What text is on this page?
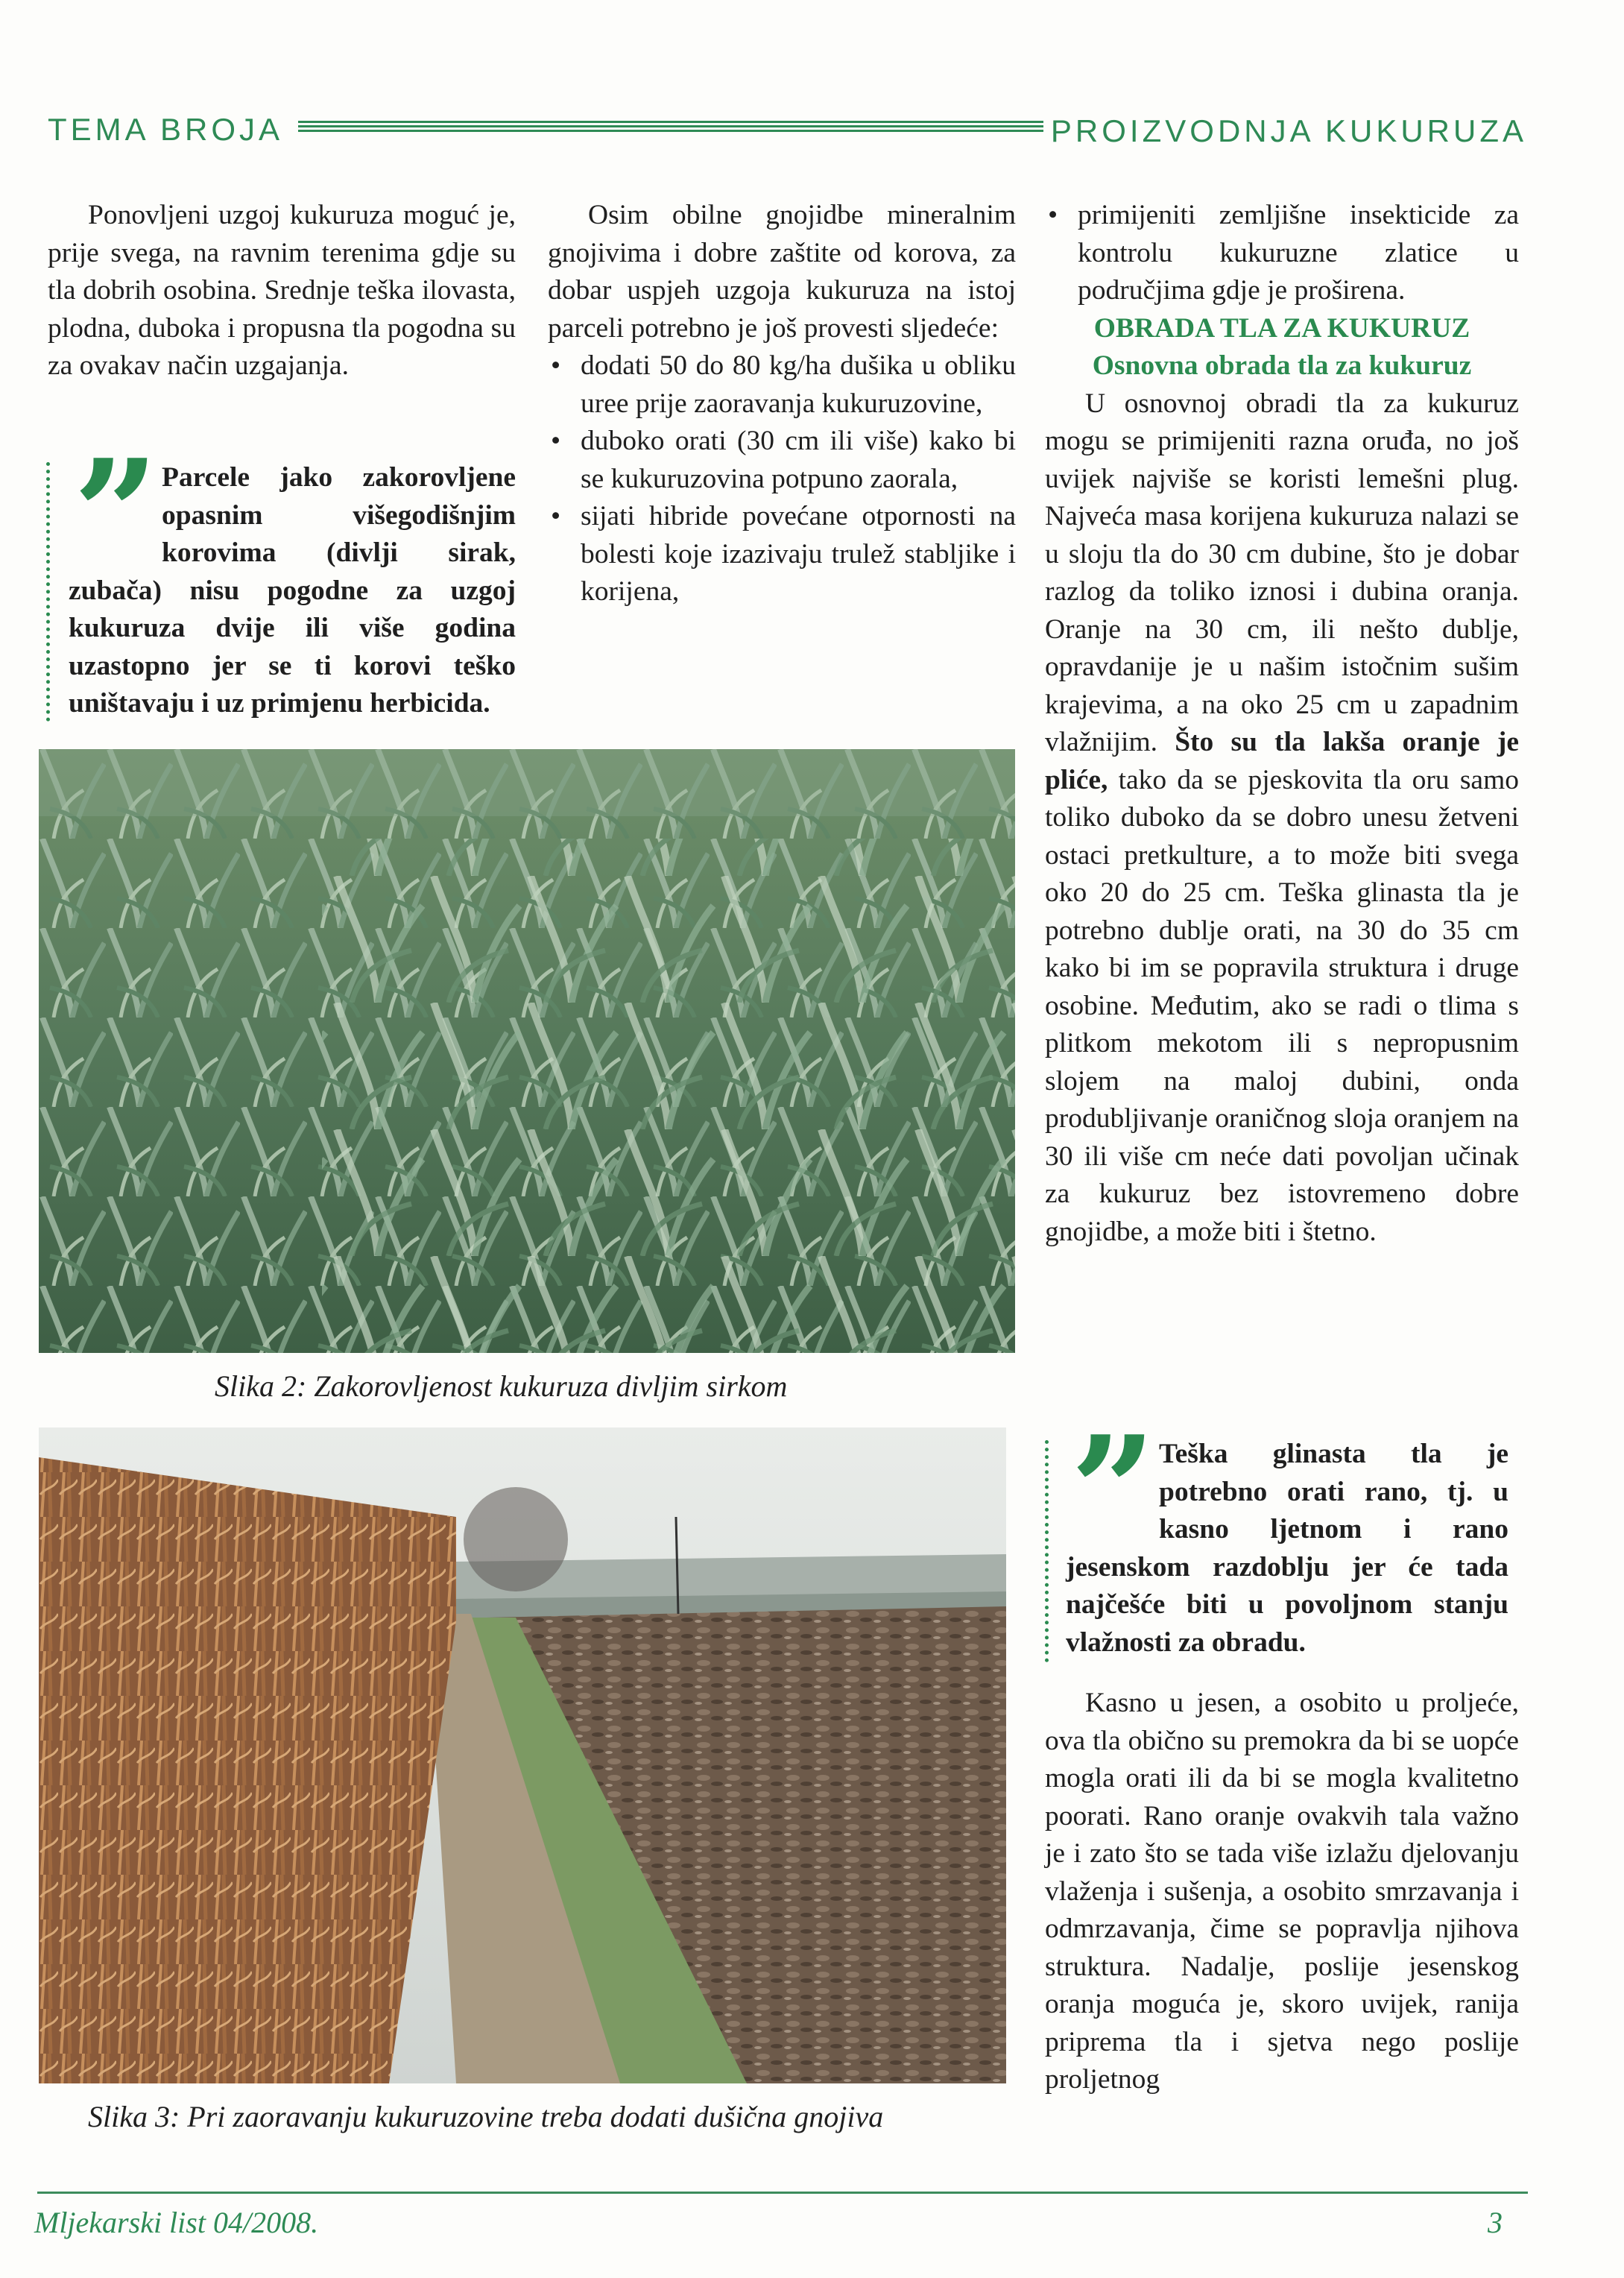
TEMA BROJA	PROIZVODNJA KUKURUZA

Ponovljeni uzgoj kukuruza moguć je, prije svega, na ravnim terenima gdje su tla dobrih osobina. Srednje teška ilovasta, plodna, duboka i propusna tla pogodna su za ovakav način uzgajanja.

” Parcele jako zakorovljene opasnim višegodišnjim korovima (divlji sirak, zubača) nisu pogodne za uzgoj kukuruza dvije ili više godina uzastopno jer se ti korovi teško uništavaju i uz primjenu herbicida.

Osim obilne gnojidbe mineralnim gnojivima i dobre zaštite od korova, za dobar uspjeh uzgoja kukuruza na istoj parceli potrebno je još provesti sljedeće:

• dodati 50 do 80 kg/ha dušika u obliku uree prije zaoravanja kukuruzovine,
• duboko orati (30 cm ili više) kako bi se kukuruzovina potpuno zaorala,
• sijati hibride povećane otpornosti na bolesti koje izazivaju trulež stabljike i korijena,
Slika 2: Zakorovljenost kukuruza divljim sirkom
Slika 3: Pri zaoravanju kukuruzovine treba dodati dušična gnojiva
• primijeniti zemljišne insekticide za kontrolu kukuruzne zlatice u područjima gdje je proširena.
OBRADA TLA ZA KUKURUZ
Osnovna obrada tla za kukuruz

U osnovnoj obradi tla za kukuruz mogu se primijeniti razna oruđa, no još uvijek najviše se koristi lemešni plug. Najveća masa korijena kukuruza nalazi se u sloju tla do 30 cm dubine, što je dobar razlog da toliko iznosi i dubina oranja. Oranje na 30 cm, ili nešto dublje, opravdanije je u našim istočnim sušim krajevima, a na oko 25 cm u zapadnim vlažnijim. Što su tla lakša oranje je pliće, tako da se pjeskovita tla oru samo toliko duboko da se dobro unesu žetveni ostaci pretkulture, a to može biti svega oko 20 do 25 cm. Teška glinasta tla je potrebno dublje orati, na 30 do 35 cm kako bi im se popravila struktura i druge osobine. Međutim, ako se radi o tlima s plitkom mekotom ili s nepropusnim slojem na maloj dubini, onda produbljivanje oraničnog sloja oranjem na 30 ili više cm neće dati povoljan učinak za kukuruz bez istovremeno dobre gnojidbe, a može biti i štetno.

” Teška glinasta tla je potrebno orati rano, tj. u kasno ljetnom i rano jesenskom razdoblju jer će tada najčešće biti u povoljnom stanju vlažnosti za obradu.

Kasno u jesen, a osobito u proljeće, ova tla obično su premokra da bi se uopće mogla orati ili da bi se mogla kvalitetno poorati. Rano oranje ovakvih tala važno je i zato što se tada više izlažu djelovanju vlaženja i sušenja, a osobito smrzavanja i odmrzavanja, čime se popravlja njihova struktura. Nadalje, poslije jesenskog oranja moguća je, skoro uvijek, ranija priprema tla i sjetva nego poslije proljetnog

Mljekarski list 04/2008.	3
